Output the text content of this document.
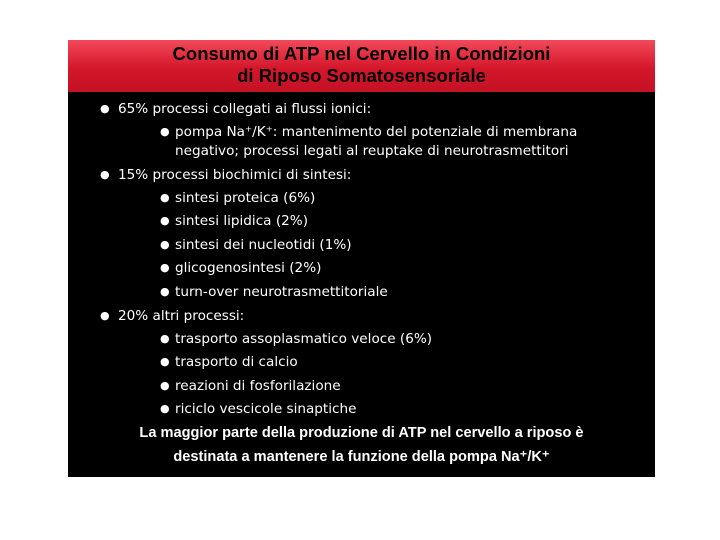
Consumo di ATP nel Cervello in Condizioni
di Riposo Somatosensoriale
● 65% processi collegati ai flussi ionici:
● pompa Na⁺/K⁺: mantenimento del potenziale di membrana
negativo; processi legati al reuptake di neurotrasmettitori
● 15% processi biochimici di sintesi:
● sintesi proteica (6%)
● sintesi lipidica (2%)
● sintesi dei nucleotidi (1%)
● glicogenosintesi (2%)
● turn-over neurotrasmettitoriale
● 20% altri processi:
● trasporto assoplasmatico veloce (6%)
● trasporto di calcio
● reazioni di fosforilazione
● riciclo vescicole sinaptiche
La maggior parte della produzione di ATP nel cervello a riposo è
destinata a mantenere la funzione della pompa Na⁺/K⁺
